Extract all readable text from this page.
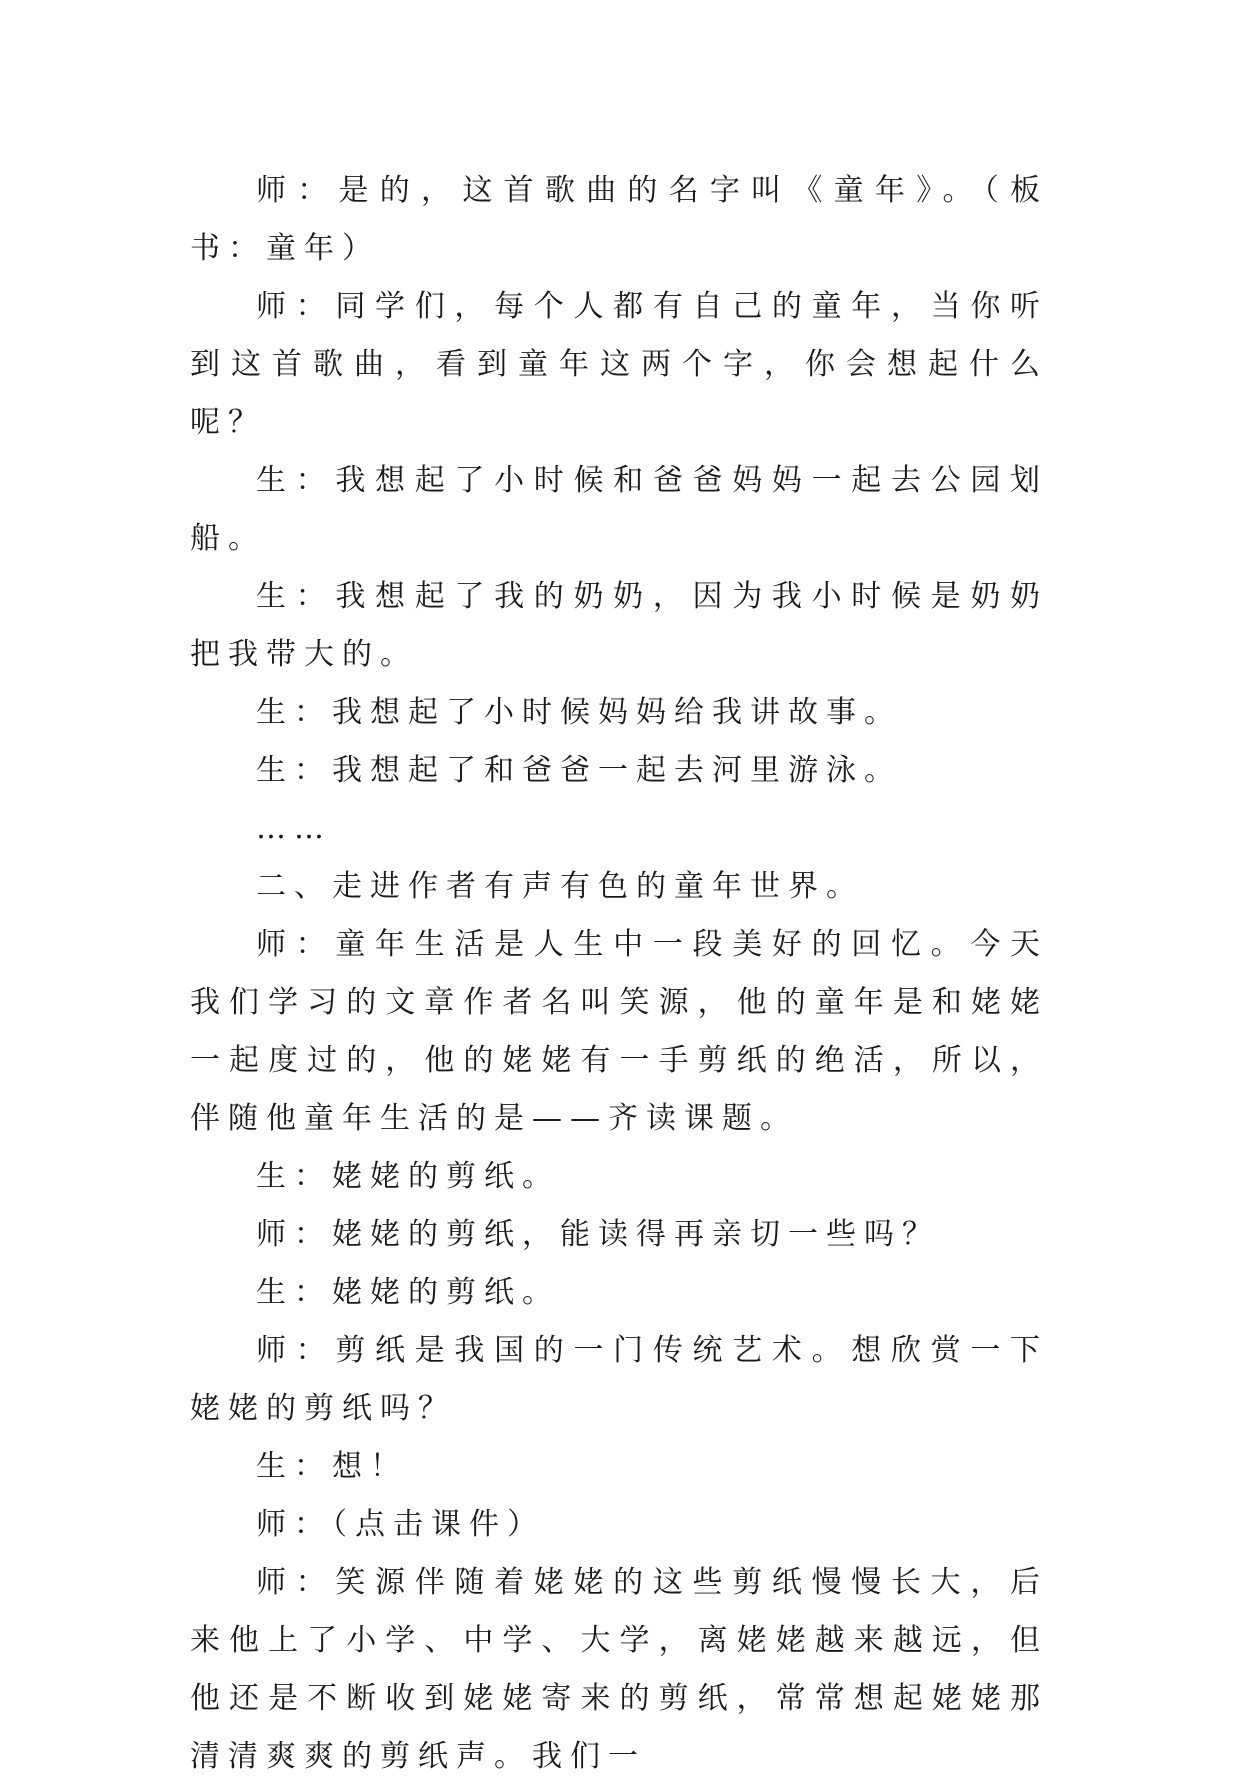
师：是的，这首歌曲的名字叫《童年》。（板书：童年）

师：同学们，每个人都有自己的童年，当你听到这首歌曲，看到童年这两个字，你会想起什么呢？

生：我想起了小时候和爸爸妈妈一起去公园划船。

生：我想起了我的奶奶，因为我小时候是奶奶把我带大的。

生：我想起了小时候妈妈给我讲故事。

生：我想起了和爸爸一起去河里游泳。

……

二、走进作者有声有色的童年世界。

师：童年生活是人生中一段美好的回忆。今天我们学习的文章作者名叫笑源，他的童年是和姥姥一起度过的，他的姥姥有一手剪纸的绝活，所以，伴随他童年生活的是——齐读课题。

生：姥姥的剪纸。

师：姥姥的剪纸，能读得再亲切一些吗？

生：姥姥的剪纸。

师：剪纸是我国的一门传统艺术。想欣赏一下姥姥的剪纸吗？

生：想！

师：（点击课件）

师：笑源伴随着姥姥的这些剪纸慢慢长大，后来他上了小学、中学、大学，离姥姥越来越远，但他还是不断收到姥姥寄来的剪纸，常常想起姥姥那清清爽爽的剪纸声。我们一
